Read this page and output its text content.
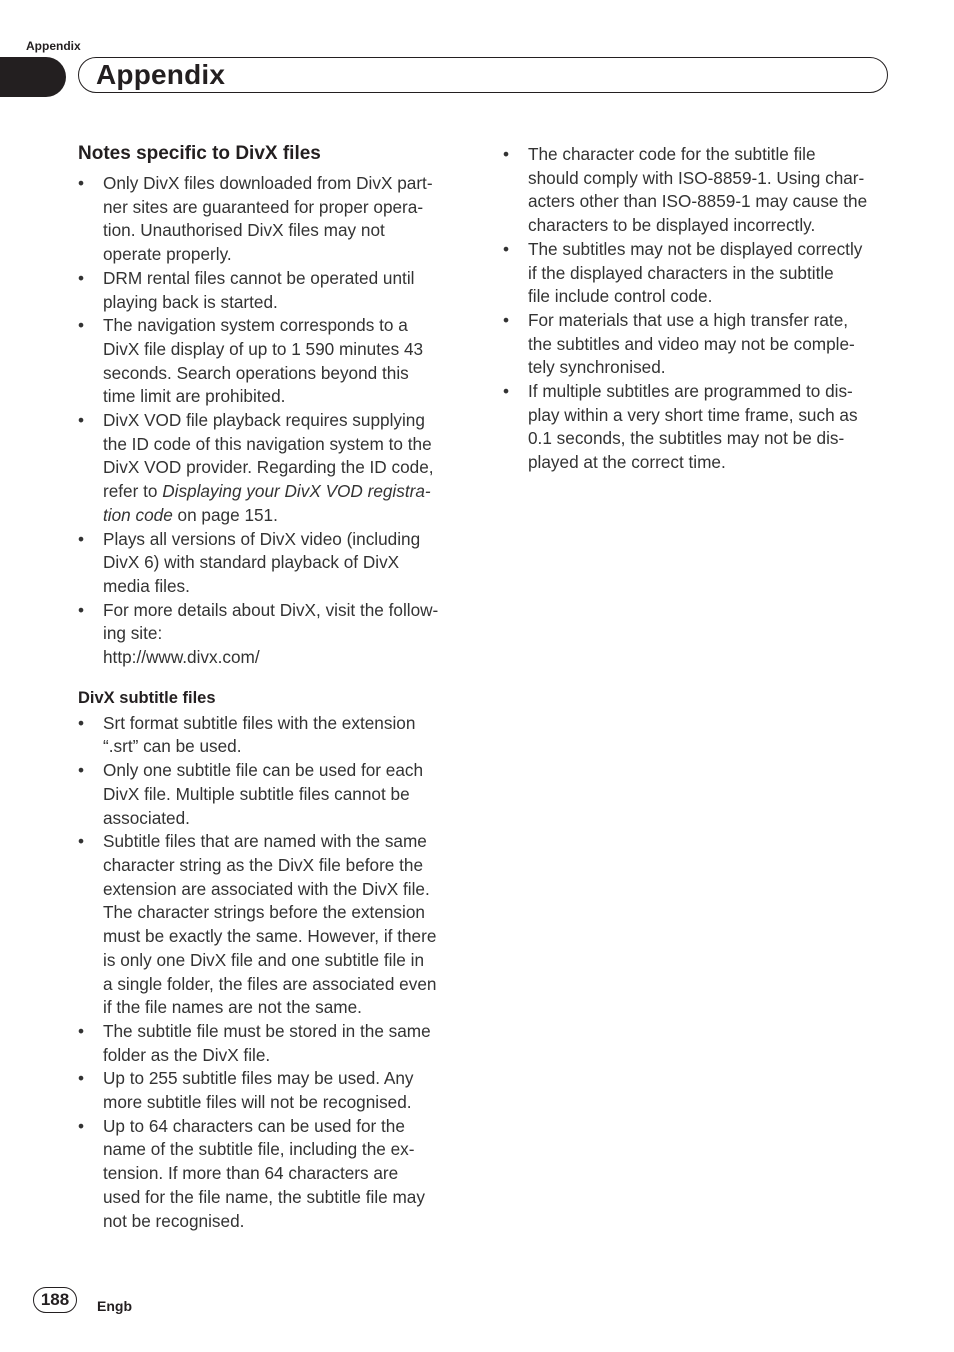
Appendix
Appendix
Notes specific to DivX files
• Only DivX files downloaded from DivX part-
ner sites are guaranteed for proper opera-
tion. Unauthorised DivX files may not
operate properly.
• DRM rental files cannot be operated until
playing back is started.
• The navigation system corresponds to a
DivX file display of up to 1 590 minutes 43
seconds. Search operations beyond this
time limit are prohibited.
• DivX VOD file playback requires supplying
the ID code of this navigation system to the
DivX VOD provider. Regarding the ID code,
refer to Displaying your DivX VOD registra-
tion code on page 151.
• Plays all versions of DivX video (including
DivX 6) with standard playback of DivX
media files.
• For more details about DivX, visit the follow-
ing site:
http://www.divx.com/
DivX subtitle files
• Srt format subtitle files with the extension
“.srt” can be used.
• Only one subtitle file can be used for each
DivX file. Multiple subtitle files cannot be
associated.
• Subtitle files that are named with the same
character string as the DivX file before the
extension are associated with the DivX file.
The character strings before the extension
must be exactly the same. However, if there
is only one DivX file and one subtitle file in
a single folder, the files are associated even
if the file names are not the same.
• The subtitle file must be stored in the same
folder as the DivX file.
• Up to 255 subtitle files may be used. Any
more subtitle files will not be recognised.
• Up to 64 characters can be used for the
name of the subtitle file, including the ex-
tension. If more than 64 characters are
used for the file name, the subtitle file may
not be recognised.
• The character code for the subtitle file
should comply with ISO-8859-1. Using char-
acters other than ISO-8859-1 may cause the
characters to be displayed incorrectly.
• The subtitles may not be displayed correctly
if the displayed characters in the subtitle
file include control code.
• For materials that use a high transfer rate,
the subtitles and video may not be comple-
tely synchronised.
• If multiple subtitles are programmed to dis-
play within a very short time frame, such as
0.1 seconds, the subtitles may not be dis-
played at the correct time.
188	Engb
